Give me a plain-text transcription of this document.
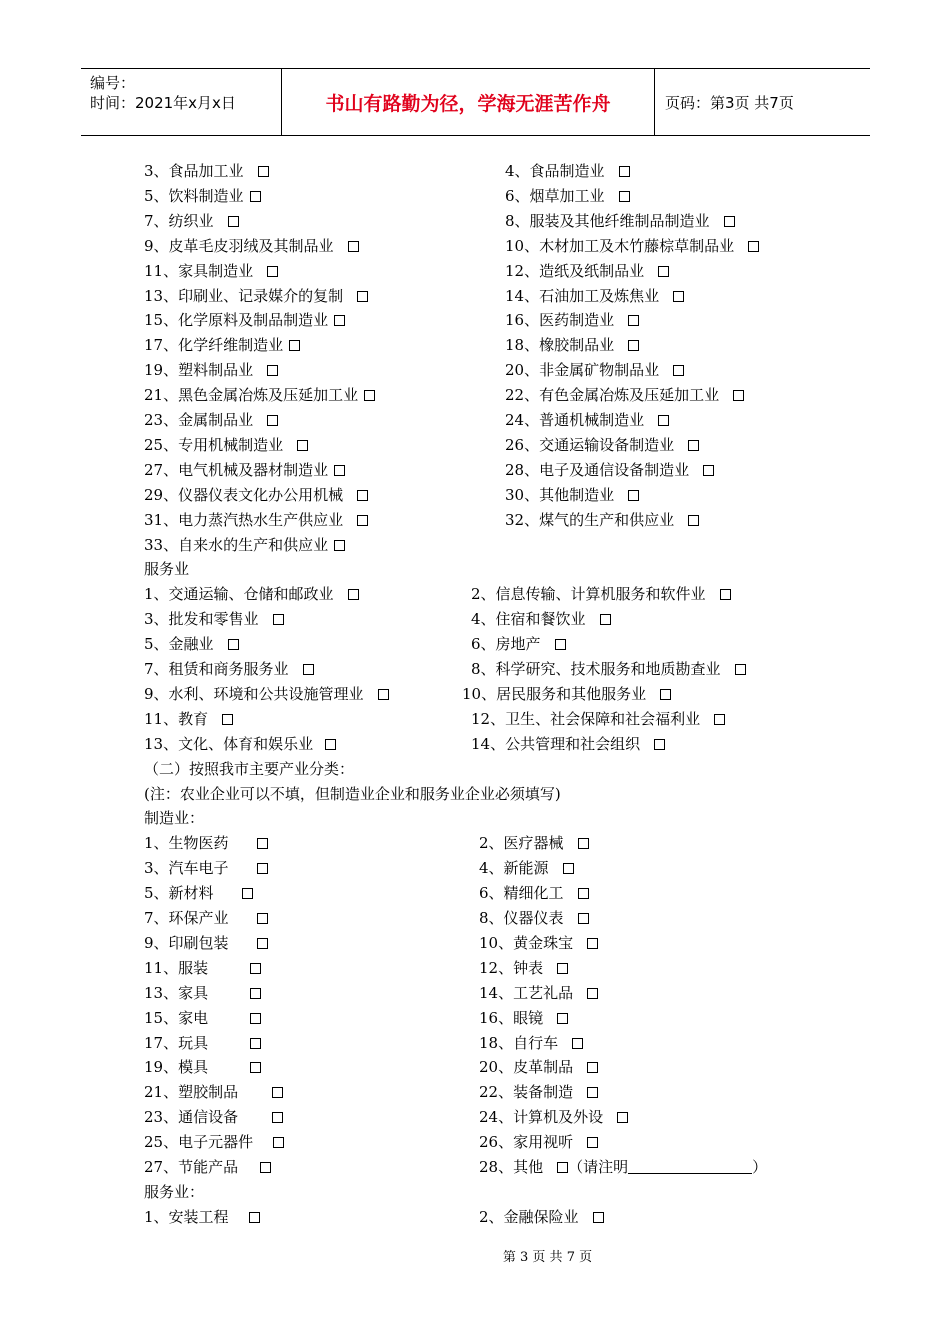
编号：
时间：2021年x月x日	书山有路勤为径，学海无涯苦作舟	页码：第3页 共7页
3、食品加工业	4、食品制造业
5、饮料制造业	6、烟草加工业
7、纺织业	8、服装及其他纤维制品制造业
9、皮革毛皮羽绒及其制品业	10、木材加工及木竹藤棕草制品业
11、家具制造业	12、造纸及纸制品业
13、印刷业、记录媒介的复制	14、石油加工及炼焦业
15、化学原料及制品制造业	16、医药制造业
17、化学纤维制造业	18、橡胶制品业
19、塑料制品业	20、非金属矿物制品业
21、黑色金属冶炼及压延加工业	22、有色金属冶炼及压延加工业
23、金属制品业	24、普通机械制造业
25、专用机械制造业	26、交通运输设备制造业
27、电气机械及器材制造业	28、电子及通信设备制造业
29、仪器仪表文化办公用机械	30、其他制造业
31、电力蒸汽热水生产供应业	32、煤气的生产和供应业
33、自来水的生产和供应业
服务业
1、交通运输、仓储和邮政业	2、信息传输、计算机服务和软件业
3、批发和零售业	4、住宿和餐饮业
5、金融业	6、房地产
7、租赁和商务服务业	8、科学研究、技术服务和地质勘查业
9、水利、环境和公共设施管理业	10、居民服务和其他服务业
11、教育	12、卫生、社会保障和社会福利业
13、文化、体育和娱乐业	14、公共管理和社会组织
（二）按照我市主要产业分类：
(注：农业企业可以不填，但制造业企业和服务业企业必须填写)
制造业：
1、生物医药	2、医疗器械
3、汽车电子	4、新能源
5、新材料	6、精细化工
7、环保产业	8、仪器仪表
9、印刷包装	10、黄金珠宝
11、服装	12、钟表
13、家具	14、工艺礼品
15、家电	16、眼镜
17、玩具	18、自行车
19、模具	20、皮革制品
21、塑胶制品	22、装备制造
23、通信设备	24、计算机及外设
25、电子元器件	26、家用视听
27、节能产品	28、其他 （请注明	）
服务业：
1、安装工程	2、金融保险业
第 3 页 共 7 页
